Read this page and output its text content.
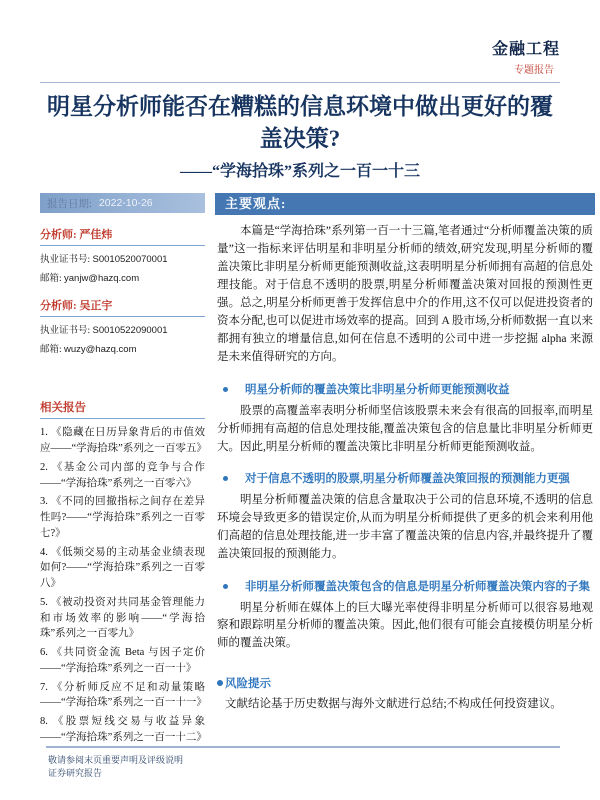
金融工程
专题报告
明星分析师能否在糟糕的信息环境中做出更好的覆盖决策?
——“学海拾珠”系列之一百一十三
报告日期: 2022-10-26
分析师: 严佳炜
执业证书号: S0010520070001
邮箱: yanjw@hazq.com
分析师: 吴正宇
执业证书号: S0010522090001
邮箱: wuzy@hazq.com
相关报告
1. 《隐藏在日历异象背后的市值效应——“学海拾珠”系列之一百零五》
2. 《基金公司内部的竞争与合作——“学海拾珠”系列之一百零六》
3. 《不同的回撤指标之间存在差异性吗?——“学海拾珠”系列之一百零七?》
4. 《低频交易的主动基金业绩表现如何?——“学海拾珠”系列之一百零八》
5. 《被动投资对共同基金管理能力和市场效率的影响——“学海拾珠”系列之一百零九》
6. 《共同资金流 Beta 与因子定价——“学海拾珠”系列之一百一十》
7. 《分析师反应不足和动量策略——“学海拾珠”系列之一百一十一》
8. 《股票短线交易与收益异象——“学海拾珠”系列之一百一十二》
主要观点:

本篇是“学海拾珠”系列第一百一十三篇,笔者通过“分析师覆盖决策的质量”这一指标来评估明星和非明星分析师的绩效,研究发现,明星分析师的覆盖决策比非明星分析师更能预测收益,这表明明星分析师拥有高超的信息处理技能。对于信息不透明的股票,明星分析师覆盖决策对回报的预测性更强。总之,明星分析师更善于发挥信息中介的作用,这不仅可以促进投资者的资本分配,也可以促进市场效率的提高。回到 A 股市场,分析师数据一直以来都拥有独立的增量信息,如何在信息不透明的公司中进一步挖掘 alpha 来源是未来值得研究的方向。

明星分析师的覆盖决策比非明星分析师更能预测收益

股票的高覆盖率表明分析师坚信该股票未来会有很高的回报率,而明星分析师拥有高超的信息处理技能,覆盖决策包含的信息量比非明星分析师更大。因此,明星分析师的覆盖决策比非明星分析师更能预测收益。

对于信息不透明的股票,明星分析师覆盖决策回报的预测能力更强

明星分析师覆盖决策的信息含量取决于公司的信息环境,不透明的信息环境会导致更多的错误定价,从而为明星分析师提供了更多的机会来利用他们高超的信息处理技能,进一步丰富了覆盖决策的信息内容,并最终提升了覆盖决策回报的预测能力。

非明星分析师覆盖决策包含的信息是明星分析师覆盖决策内容的子集

明星分析师在媒体上的巨大曝光率使得非明星分析师可以很容易地观察和跟踪明星分析师的覆盖决策。因此,他们很有可能会直接模仿明星分析师的覆盖决策。

风险提示

文献结论基于历史数据与海外文献进行总结;不构成任何投资建议。

敬请参阅末页重要声明及评级说明
证券研究报告
